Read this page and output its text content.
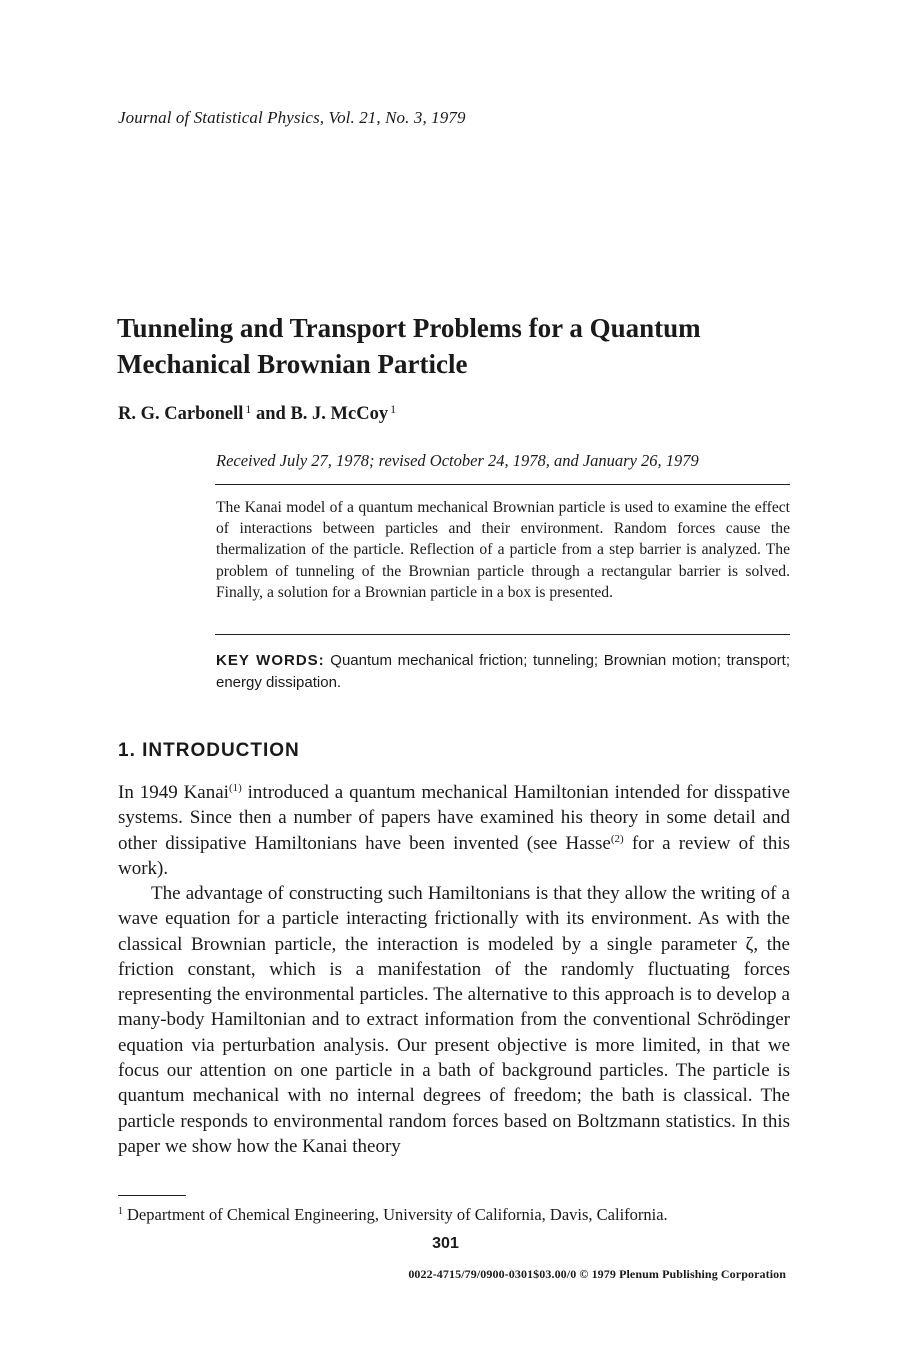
Journal of Statistical Physics, Vol. 21, No. 3, 1979
Tunneling and Transport Problems for a Quantum Mechanical Brownian Particle
R. G. Carbonell $^1$ and B. J. McCoy $^1$
Received July 27, 1978; revised October 24, 1978, and January 26, 1979

The Kanai model of a quantum mechanical Brownian particle is used to examine the effect of interactions between particles and their environment. Random forces cause the thermalization of the particle. Reflection of a particle from a step barrier is analyzed. The problem of tunneling of the Brownian particle through a rectangular barrier is solved. Finally, a solution for a Brownian particle in a box is presented.

KEY WORDS: Quantum mechanical friction; tunneling; Brownian motion; transport; energy dissipation.

1. INTRODUCTION

In 1949 Kanai$^{(1)}$ introduced a quantum mechanical Hamiltonian intended for disspative systems. Since then a number of papers have examined his theory in some detail and other dissipative Hamiltonians have been invented (see Hasse$^{(2)}$ for a review of this work).

The advantage of constructing such Hamiltonians is that they allow the writing of a wave equation for a particle interacting frictionally with its environment. As with the classical Brownian particle, the interaction is modeled by a single parameter ζ, the friction constant, which is a manifestation of the randomly fluctuating forces representing the environmental particles. The alternative to this approach is to develop a many-body Hamiltonian and to extract information from the conventional Schrödinger equation via perturbation analysis. Our present objective is more limited, in that we focus our attention on one particle in a bath of background particles. The particle is quantum mechanical with no internal degrees of freedom; the bath is classical. The particle responds to environmental random forces based on Boltzmann statistics. In this paper we show how the Kanai theory

$^1$ Department of Chemical Engineering, University of California, Davis, California.
301
0022-4715/79/0900-0301$03.00/0 © 1979 Plenum Publishing Corporation
